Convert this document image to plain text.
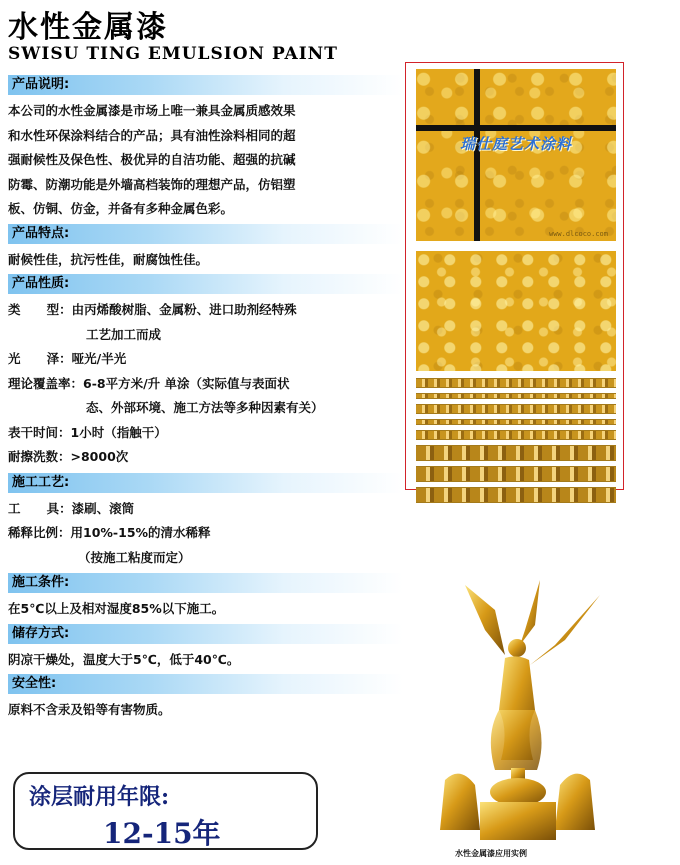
水性金属漆
SWISU TING EMULSION PAINT
产品说明:
本公司的水性金属漆是市场上唯一兼具金属质感效果
和水性环保涂料结合的产品；具有油性涂料相同的超
强耐候性及保色性、极优异的自洁功能、超强的抗碱
防霉、防潮功能是外墙高档装饰的理想产品，仿铝塑
板、仿铜、仿金，并备有多种金属色彩。
产品特点:
耐候性佳，抗污性佳，耐腐蚀性佳。
产品性质:
类      型： 由丙烯酸树脂、金属粉、进口助剂经特殊
工艺加工而成
光      泽： 哑光/半光
理论覆盖率： 6-8平方米/升 单涂（实际值与表面状
态、外部环境、施工方法等多种因素有关）
表干时间： 1小时（指触干）
耐擦洗数： >8000次
施工工艺:
工      具： 漆刷、滚筒
稀释比例： 用10%-15%的清水稀释
（按施工粘度而定）
施工条件:
在5℃以上及相对湿度85%以下施工。
储存方式:
阴凉干燥处，温度大于5℃，低于40℃。
安全性:
原料不含汞及铅等有害物质。
涂层耐用年限:
12-15年
瑞仕庭艺术涂料
www.dlcoco.com
水性金属漆应用实例
